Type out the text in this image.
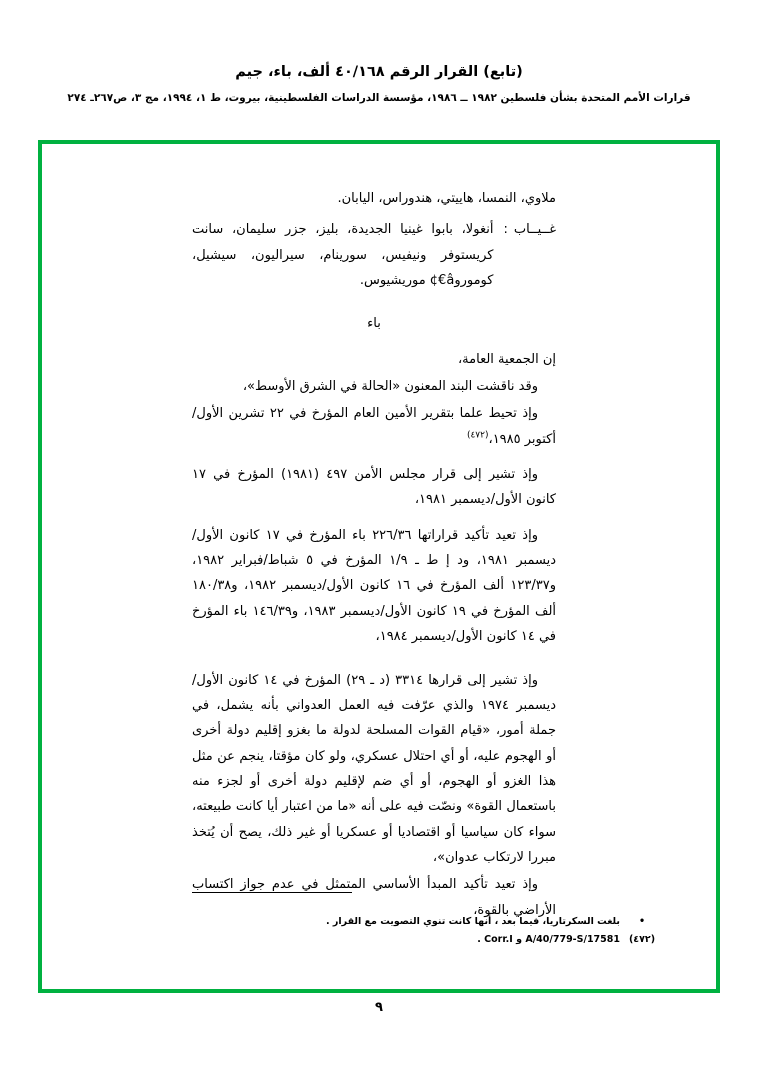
(تابع) القرار الرقم ٤٠/١٦٨ ألف، باء، جيم
قرارات الأمم المتحدة بشأن فلسطين ١٩٨٢ ــ ١٩٨٦، مؤسسة الدراسات الفلسطينية، بيروت، ط ١، ١٩٩٤، مج ٣، ص٢٦٧ـ ٢٧٤

ملاوي، النمسا، هاييتي، هندوراس، اليابان.

غــيــاب
:
أنغولا، بابوا غينيا الجديدة، بليز، جزر سليمان، سانت كريستوفر ونيفيس، سورينام، سيراليون، سيشيل، كوموروâ€¢ موريشيوس.

باء

إن الجمعية العامة،

وقد ناقشت البند المعنون «الحالة في الشرق الأوسط»،

وإذ تحيط علما بتقرير الأمين العام المؤرخ في ٢٢ تشرين الأول/أكتوبر ١٩٨٥،$^{(٤٧٢)}$

وإذ تشير إلى قرار مجلس الأمن ٤٩٧ (١٩٨١) المؤرخ في ١٧ كانون الأول/ديسمبر ١٩٨١،

وإذ تعيد تأكيد قراراتها ٢٢٦/٣٦ باء المؤرخ في ١٧ كانون الأول/ديسمبر ١٩٨١، ود إ ط ـ ١/٩ المؤرخ في ٥ شباط/فبراير ١٩٨٢، و١٢٣/٣٧ ألف المؤرخ في ١٦ كانون الأول/ديسمبر ١٩٨٢، و١٨٠/٣٨ ألف المؤرخ في ١٩ كانون الأول/ديسمبر ١٩٨٣، و١٤٦/٣٩ باء المؤرخ في ١٤ كانون الأول/ديسمبر ١٩٨٤،

وإذ تشير إلى قرارها ٣٣١٤ (د ـ ٢٩) المؤرخ في ١٤ كانون الأول/ديسمبر ١٩٧٤ والذي عرّفت فيه العمل العدواني بأنه يشمل، في جملة أمور، «قيام القوات المسلحة لدولة ما بغزو إقليم دولة أخرى أو الهجوم عليه، أو أي احتلال عسكري، ولو كان مؤقتا، ينجم عن مثل هذا الغزو أو الهجوم، أو أي ضم لإقليم دولة أخرى أو لجزء منه باستعمال القوة» ونصّت فيه على أنه «ما من اعتبار أيا كانت طبيعته، سواء كان سياسيا أو اقتصاديا أو عسكريا أو غير ذلك، يصح أن يُتخذ مبررا لارتكاب عدوان»،

وإذ تعيد تأكيد المبدأ الأساسي المتمثل في عدم جواز اكتساب الأراضي بالقوة،

•
بلغت السكرتاريا، فيما بعد ، أنها كانت تنوي التصويت مع القرار .
(٤٧٢)
A/40/779-S/17581 و Corr.I .
٩
